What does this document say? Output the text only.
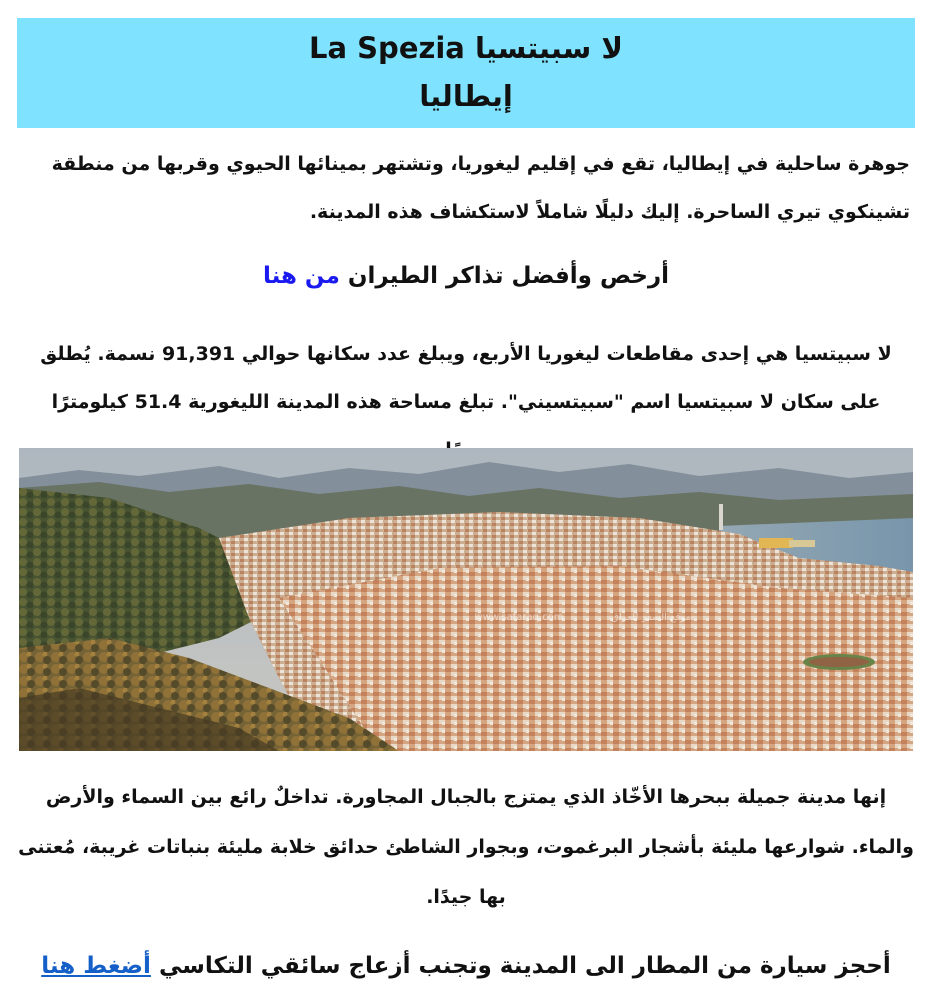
لا سبيتسيا La Spezia
إيطاليا

جوهرة ساحلية في إيطاليا، تقع في إقليم ليغوريا، وتشتهر بمينائها الحيوي وقربها من منطقة تشينكوي تيري الساحرة. إليك دليلًا شاملاً لاستكشاف هذه المدينة.

أرخص وأفضل تذاكر الطيران من هنا

لا سبيتسيا هي إحدى مقاطعات ليغوريا الأربع، ويبلغ عدد سكانها حوالي 91,391 نسمة. يُطلق على سكان لا سبيتسيا اسم "سبيتسيني". تبلغ مساحة هذه المدينة الليغورية 51.4 كيلومترًا

www.safaraq.com	موقع السفر للعراق

إنها مدينة جميلة ببحرها الأخّاذ الذي يمتزج بالجبال المجاورة. تداخلٌ رائع بين السماء والأرض والماء. شوارعها مليئة بأشجار البرغموت، وبجوار الشاطئ حدائق خلابة مليئة بنباتات غريبة، مُعتنى بها جيدًا.

أحجز سيارة من المطار الى المدينة وتجنب أزعاج سائقي التكاسي أضغط هنا
